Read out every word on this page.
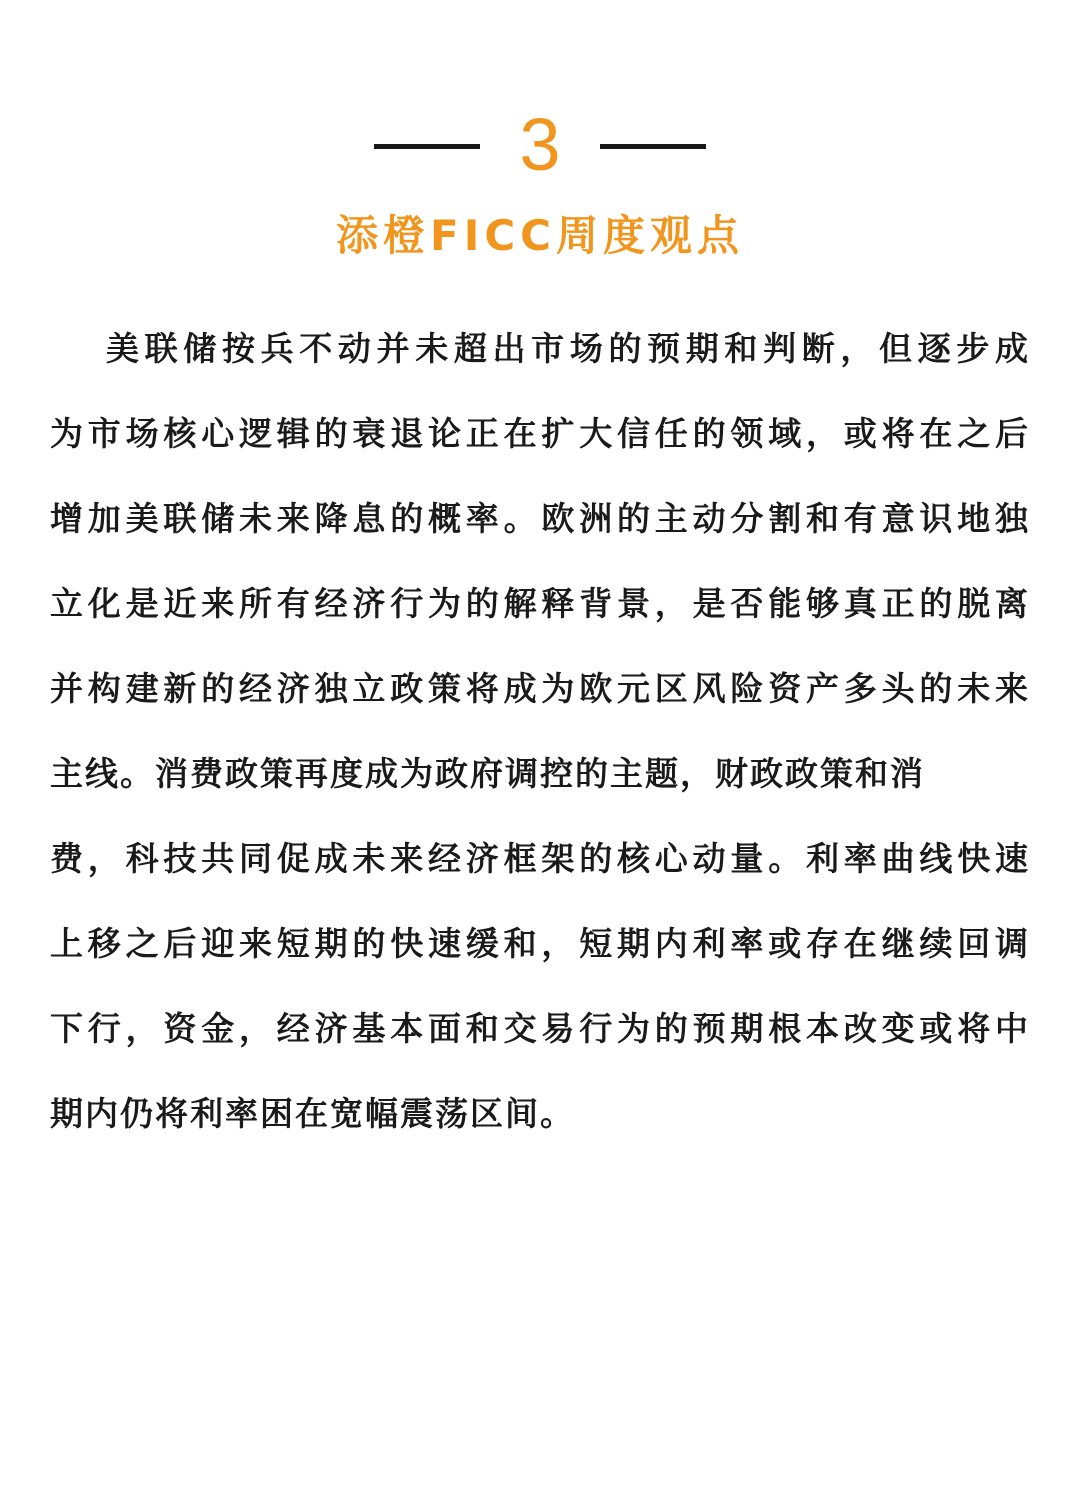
3
添橙FICC周度观点
美联储按兵不动并未超出市场的预期和判断，但逐步成
为市场核心逻辑的衰退论正在扩大信任的领域，或将在之后
增加美联储未来降息的概率。欧洲的主动分割和有意识地独
立化是近来所有经济行为的解释背景，是否能够真正的脱离
并构建新的经济独立政策将成为欧元区风险资产多头的未来
主线。消费政策再度成为政府调控的主题，财政政策和消
费，科技共同促成未来经济框架的核心动量。利率曲线快速
上移之后迎来短期的快速缓和，短期内利率或存在继续回调
下行，资金，经济基本面和交易行为的预期根本改变或将中
期内仍将利率困在宽幅震荡区间。
